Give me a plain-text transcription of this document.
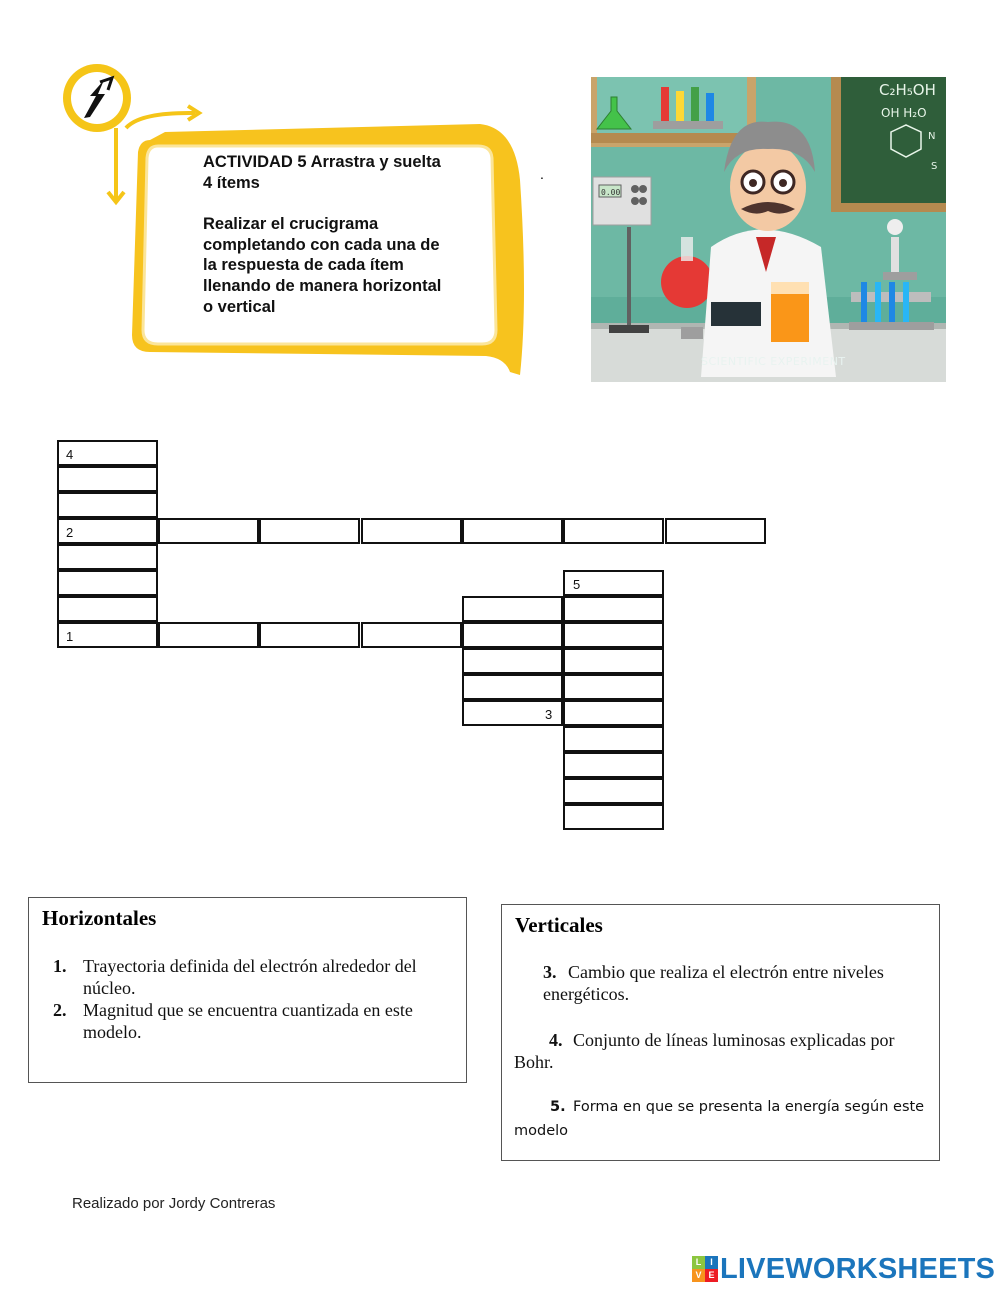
ACTIVIDAD 5 Arrastra y suelta 4 ítems

Realizar el crucigrama completando con cada una de la respuesta de cada ítem llenando de manera horizontal o vertical

.
C₂H₅OH
OH H₂O
N
S
0.00
SCIENTIFIC EXPERIMENT
4
2
5
1
3
Horizontales
1. Trayectoria definida del electrón alrededor del núcleo.
2. Magnitud que se encuentra cuantizada en este modelo.
Verticales
3. Cambio que realiza el electrón entre niveles energéticos.
4. Conjunto de líneas luminosas explicadas por Bohr.
5. Forma en que se presenta la energía según este modelo
Realizado por Jordy Contreras
L I
V E LIVEWORKSHEETS
